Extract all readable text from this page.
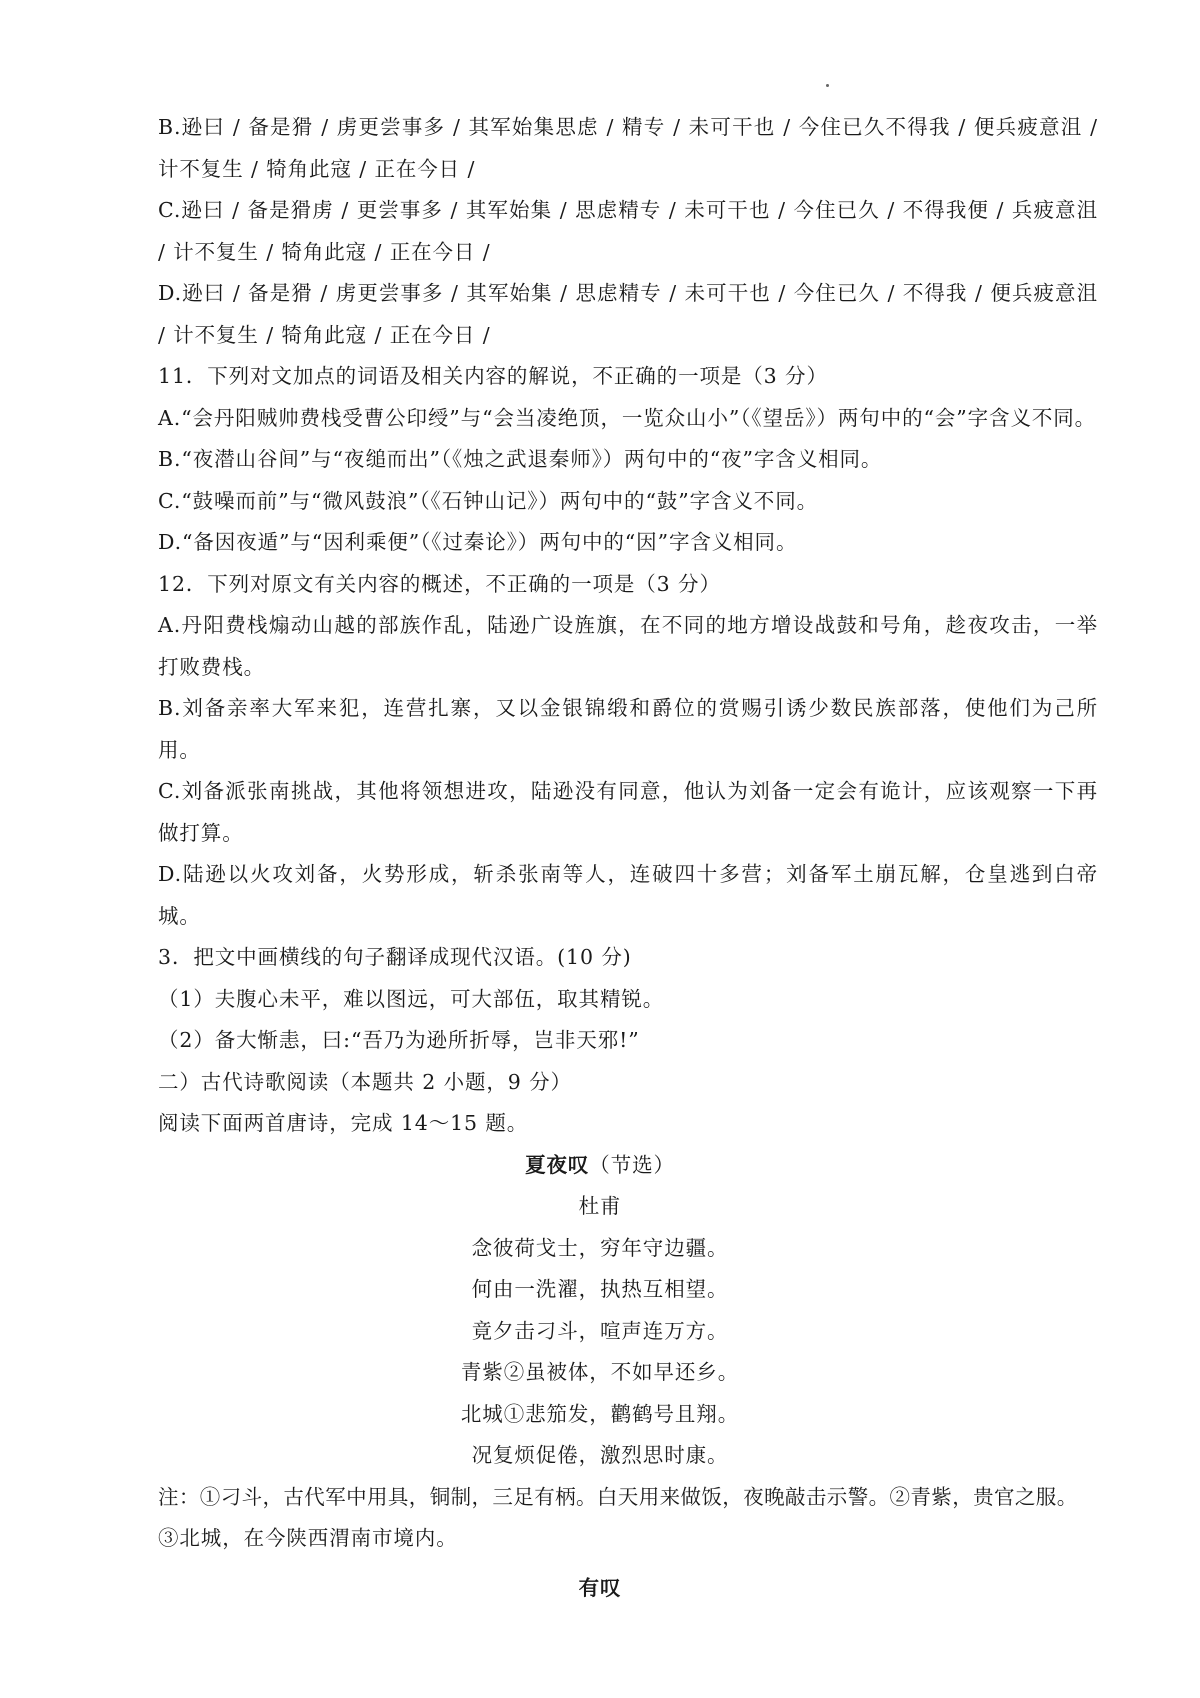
B.逊曰 / 备是猾 / 虏更尝事多 / 其军始集思虑 / 精专 / 未可干也 / 今住已久不得我 / 便兵疲意沮 / 计不复生 / 犄角此寇 / 正在今日 /

C.逊曰 / 备是猾虏 / 更尝事多 / 其军始集 / 思虑精专 / 未可干也 / 今住已久 / 不得我便 / 兵疲意沮 / 计不复生 / 犄角此寇 / 正在今日 /

D.逊曰 / 备是猾 / 虏更尝事多 / 其军始集 / 思虑精专 / 未可干也 / 今住已久 / 不得我 / 便兵疲意沮 / 计不复生 / 犄角此寇 / 正在今日 /

11．下列对文加点的词语及相关内容的解说，不正确的一项是（3 分）

A.“会丹阳贼帅费栈受曹公印绶”与“会当凌绝顶，一览众山小”（《望岳》）两句中的“会”字含义不同。

B.“夜潜山谷间”与“夜缒而出”（《烛之武退秦师》）两句中的“夜”字含义相同。

C.“鼓噪而前”与“微风鼓浪”（《石钟山记》）两句中的“鼓”字含义不同。

D.“备因夜遁”与“因利乘便”（《过秦论》）两句中的“因”字含义相同。

12．下列对原文有关内容的概述，不正确的一项是（3 分）

A.丹阳费栈煽动山越的部族作乱，陆逊广设旌旗，在不同的地方增设战鼓和号角，趁夜攻击，一举打败费栈。

B.刘备亲率大军来犯，连营扎寨，又以金银锦缎和爵位的赏赐引诱少数民族部落，使他们为己所用。

C.刘备派张南挑战，其他将领想进攻，陆逊没有同意，他认为刘备一定会有诡计，应该观察一下再做打算。

D.陆逊以火攻刘备，火势形成，斩杀张南等人，连破四十多营；刘备军土崩瓦解，仓皇逃到白帝城。

3．把文中画横线的句子翻译成现代汉语。(10 分)

（1）夫腹心未平，难以图远，可大部伍，取其精锐。

（2）备大惭恚，曰:“吾乃为逊所折辱，岂非天邪!”

二）古代诗歌阅读（本题共 2 小题，9 分）

阅读下面两首唐诗，完成 14～15 题。

夏夜叹（节选）

杜甫

念彼荷戈士，穷年守边疆。

何由一洗濯，执热互相望。

竟夕击刁斗，喧声连万方。

青紫②虽被体，不如早还乡。

北城①悲笳发，鹳鹤号且翔。

况复烦促倦，激烈思时康。

注：①刁斗，古代军中用具，铜制，三足有柄。白天用来做饭，夜晚敲击示警。②青紫，贵官之服。

③北城，在今陕西渭南市境内。

有叹
